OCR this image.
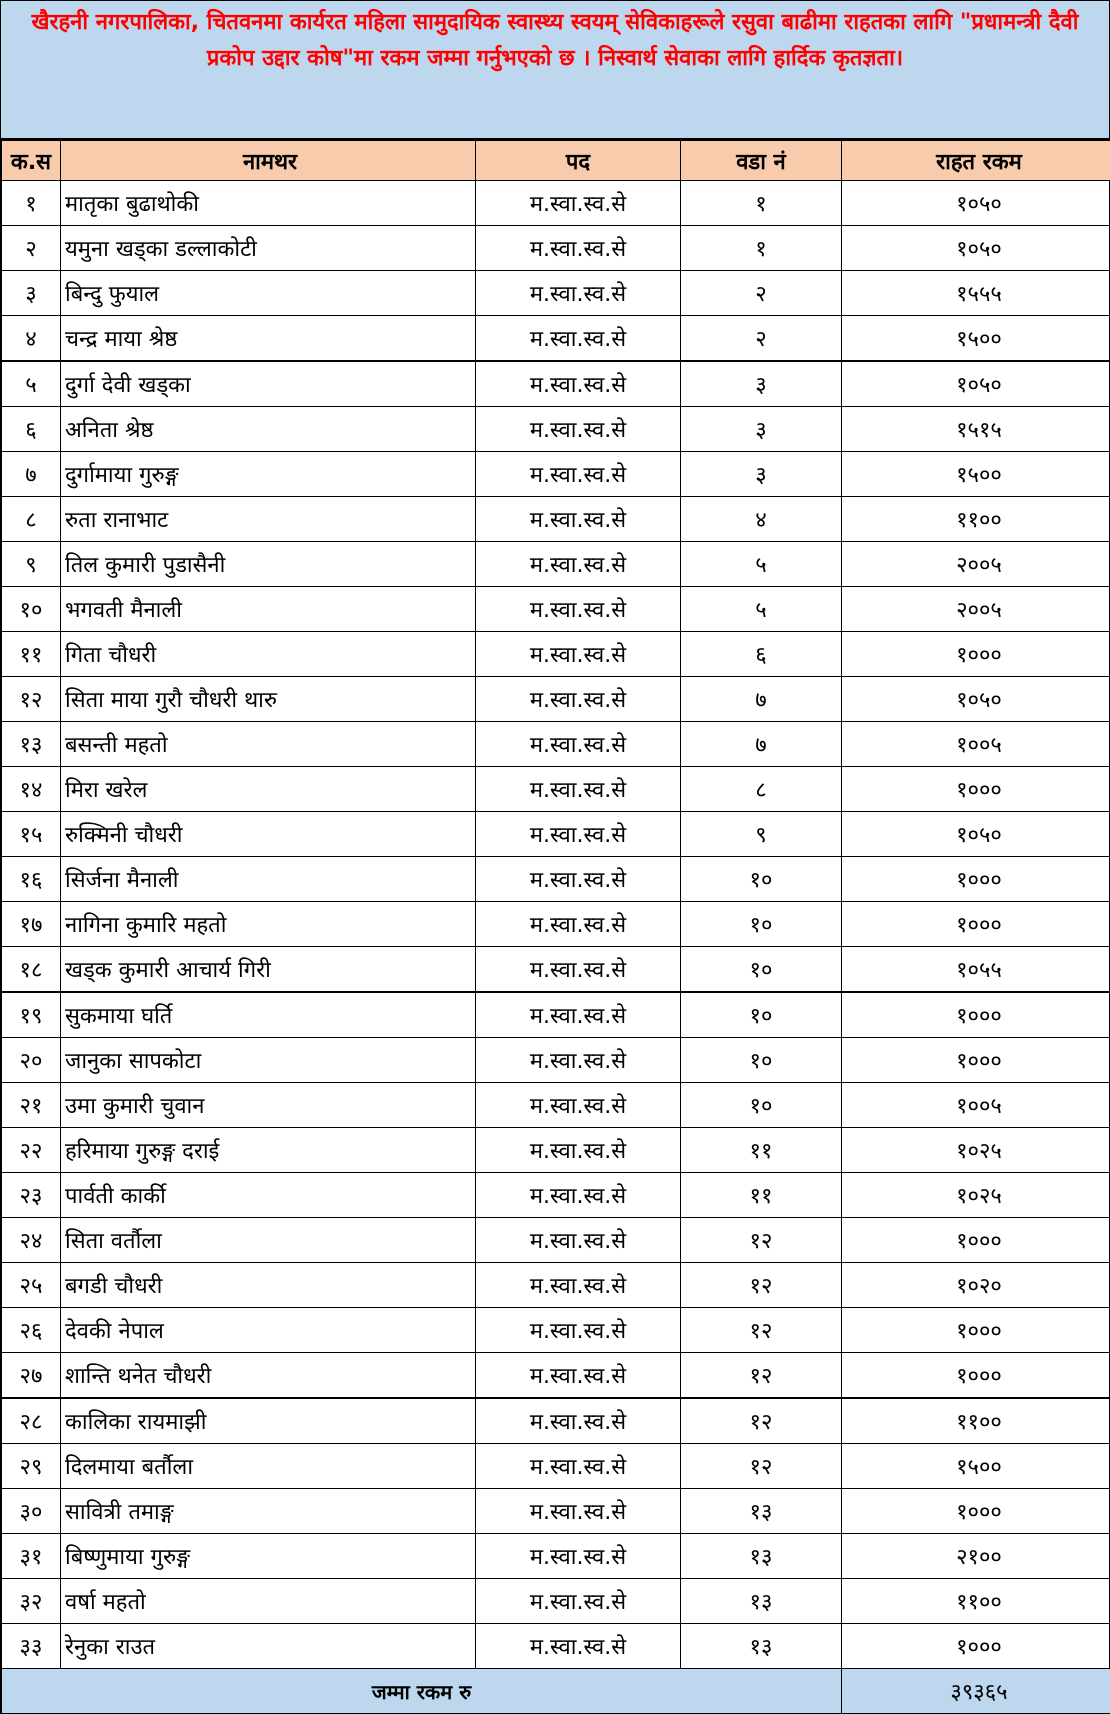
खैरहनी नगरपालिका, चितवनमा कार्यरत महिला सामुदायिक स्वास्थ्य स्वयम् सेविकाहरूले रसुवा बाढीमा राहतका लागि "प्रधामन्त्री दैवी प्रकोप उद्दार कोष"मा रकम जम्मा गर्नुभएको छ । निस्वार्थ सेवाका लागि हार्दिक कृतज्ञता।
क.स	नामथर	पद	वडा नं	राहत रकम
१	मातृका बुढाथोकी	म.स्वा.स्व.से	१	१०५०
२	यमुना खड्का डल्लाकोटी	म.स्वा.स्व.से	१	१०५०
३	बिन्दु फुयाल	म.स्वा.स्व.से	२	१५५५
४	चन्द्र माया श्रेष्ठ	म.स्वा.स्व.से	२	१५००
५	दुर्गा देवी खड्का	म.स्वा.स्व.से	३	१०५०
६	अनिता श्रेष्ठ	म.स्वा.स्व.से	३	१५१५
७	दुर्गामाया गुरुङ्ग	म.स्वा.स्व.से	३	१५००
८	रुता रानाभाट	म.स्वा.स्व.से	४	११००
९	तिल कुमारी पुडासैनी	म.स्वा.स्व.से	५	२००५
१०	भगवती मैनाली	म.स्वा.स्व.से	५	२००५
११	गिता चौधरी	म.स्वा.स्व.से	६	१०००
१२	सिता माया गुरौ चौधरी थारु	म.स्वा.स्व.से	७	१०५०
१३	बसन्ती महतो	म.स्वा.स्व.से	७	१००५
१४	मिरा खरेल	म.स्वा.स्व.से	८	१०००
१५	रुक्मिनी चौधरी	म.स्वा.स्व.से	९	१०५०
१६	सिर्जना मैनाली	म.स्वा.स्व.से	१०	१०००
१७	नागिना कुमारि महतो	म.स्वा.स्व.से	१०	१०००
१८	खड्क कुमारी आचार्य गिरी	म.स्वा.स्व.से	१०	१०५५
१९	सुकमाया घर्ति	म.स्वा.स्व.से	१०	१०००
२०	जानुका सापकोटा	म.स्वा.स्व.से	१०	१०००
२१	उमा कुमारी चुवान	म.स्वा.स्व.से	१०	१००५
२२	हरिमाया गुरुङ्ग दराई	म.स्वा.स्व.से	११	१०२५
२३	पार्वती कार्की	म.स्वा.स्व.से	११	१०२५
२४	सिता वर्तौला	म.स्वा.स्व.से	१२	१०००
२५	बगडी चौधरी	म.स्वा.स्व.से	१२	१०२०
२६	देवकी नेपाल	म.स्वा.स्व.से	१२	१०००
२७	शान्ति थनेत चौधरी	म.स्वा.स्व.से	१२	१०००
२८	कालिका रायमाझी	म.स्वा.स्व.से	१२	११००
२९	दिलमाया बर्तौला	म.स्वा.स्व.से	१२	१५००
३०	सावित्री तमाङ्ग	म.स्वा.स्व.से	१३	१०००
३१	बिष्णुमाया गुरुङ्ग	म.स्वा.स्व.से	१३	२१००
३२	वर्षा महतो	म.स्वा.स्व.से	१३	११००
३३	रेनुका राउत	म.स्वा.स्व.से	१३	१०००
जम्मा रकम रु				३९३६५
